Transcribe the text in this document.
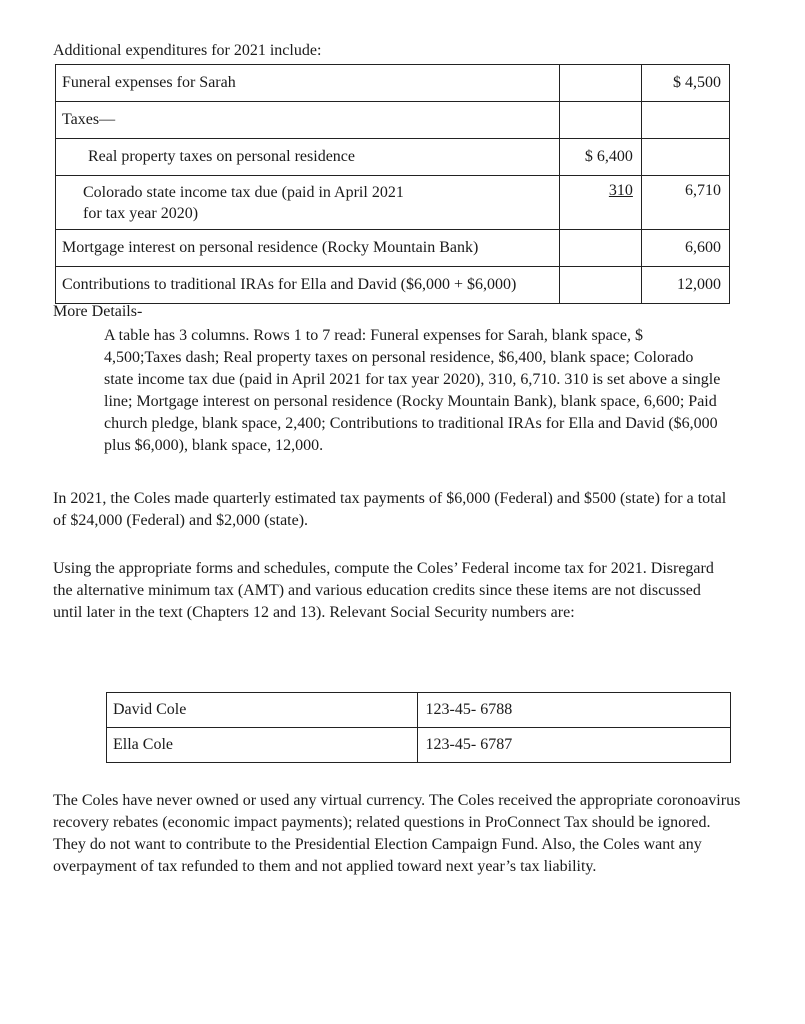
Additional expenditures for 2021 include:

Funeral expenses for Sarah		$ 4,500
Taxes—		
Real property taxes on personal residence	$ 6,400	

Colorado state income tax due (paid in April 2021
for tax year 2020)	310	6,710
Mortgage interest on personal residence (Rocky Mountain Bank)		6,600
Contributions to traditional IRAs for Ella and David ($6,000 + $6,000)		12,000

More Details-

A table has 3 columns. Rows 1 to 7 read: Funeral expenses for Sarah, blank space, $ 4,500;Taxes dash; Real property taxes on personal residence, $6,400, blank space; Colorado state income tax due (paid in April 2021 for tax year 2020), 310, 6,710. 310 is set above a single line; Mortgage interest on personal residence (Rocky Mountain Bank), blank space, 6,600; Paid church pledge, blank space, 2,400; Contributions to traditional IRAs for Ella and David ($6,000 plus $6,000), blank space, 12,000.

In 2021, the Coles made quarterly estimated tax payments of $6,000 (Federal) and $500 (state) for a total of $24,000 (Federal) and $2,000 (state).

Using the appropriate forms and schedules, compute the Coles’ Federal income tax for 2021. Disregard the alternative minimum tax (AMT) and various education credits since these items are not discussed until later in the text (Chapters 12 and 13). Relevant Social Security numbers are:

David Cole	123-45- 6788
Ella Cole	123-45- 6787

The Coles have never owned or used any virtual currency. The Coles received the appropriate coronoavirus recovery rebates (economic impact payments); related questions in ProConnect Tax should be ignored. They do not want to contribute to the Presidential Election Campaign Fund. Also, the Coles want any overpayment of tax refunded to them and not applied toward next year’s tax liability.
